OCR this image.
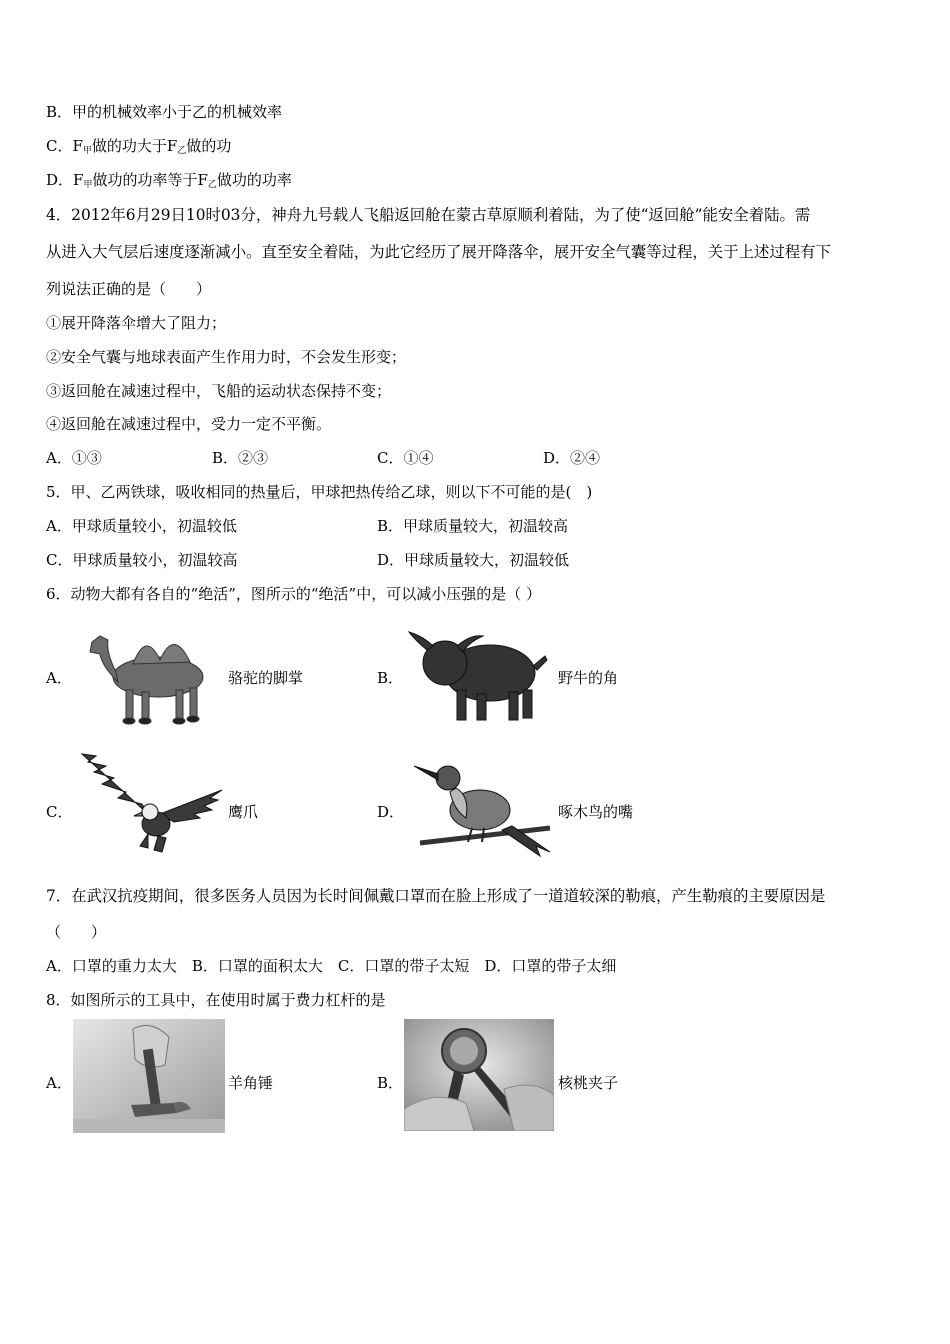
B．甲的机械效率小于乙的机械效率
C．$F_甲$做的功大于$F_乙$做的功
D．$F_甲$做功的功率等于$F_乙$做功的功率
4．2012年6月29日10时03分，神舟九号载人飞船返回舱在蒙古草原顺利着陆，为了使“返回舱”能安全着陆。需
从进入大气层后速度逐渐减小。直至安全着陆，为此它经历了展开降落伞，展开安全气囊等过程，关于上述过程有下
列说法正确的是（　　）
①展开降落伞增大了阻力；
②安全气囊与地球表面产生作用力时，不会发生形变；
③返回舱在减速过程中，飞船的运动状态保持不变；
④返回舱在减速过程中，受力一定不平衡。
A．①③	B．②③	C．①④	D．②④
5．甲、乙两铁球，吸收相同的热量后，甲球把热传给乙球，则以下不可能的是(　)
A．甲球质量较小，初温较低	B．甲球质量较大，初温较高
C．甲球质量较小，初温较高	D．甲球质量较大，初温较低
6．动物大都有各自的“绝活”，图所示的“绝活”中，可以减小压强的是（ ）
A．	骆驼的脚掌	B．	野牛的角
C．	鹰爪	D．	啄木鸟的嘴
7．在武汉抗疫期间，很多医务人员因为长时间佩戴口罩而在脸上形成了一道道较深的勒痕，产生勒痕的主要原因是
（　　）
A．口罩的重力太大　B．口罩的面积太大　C．口罩的带子太短　D．口罩的带子太细
8．如图所示的工具中，在使用时属于费力杠杆的是
A．	羊角锤	B．	核桃夹子
